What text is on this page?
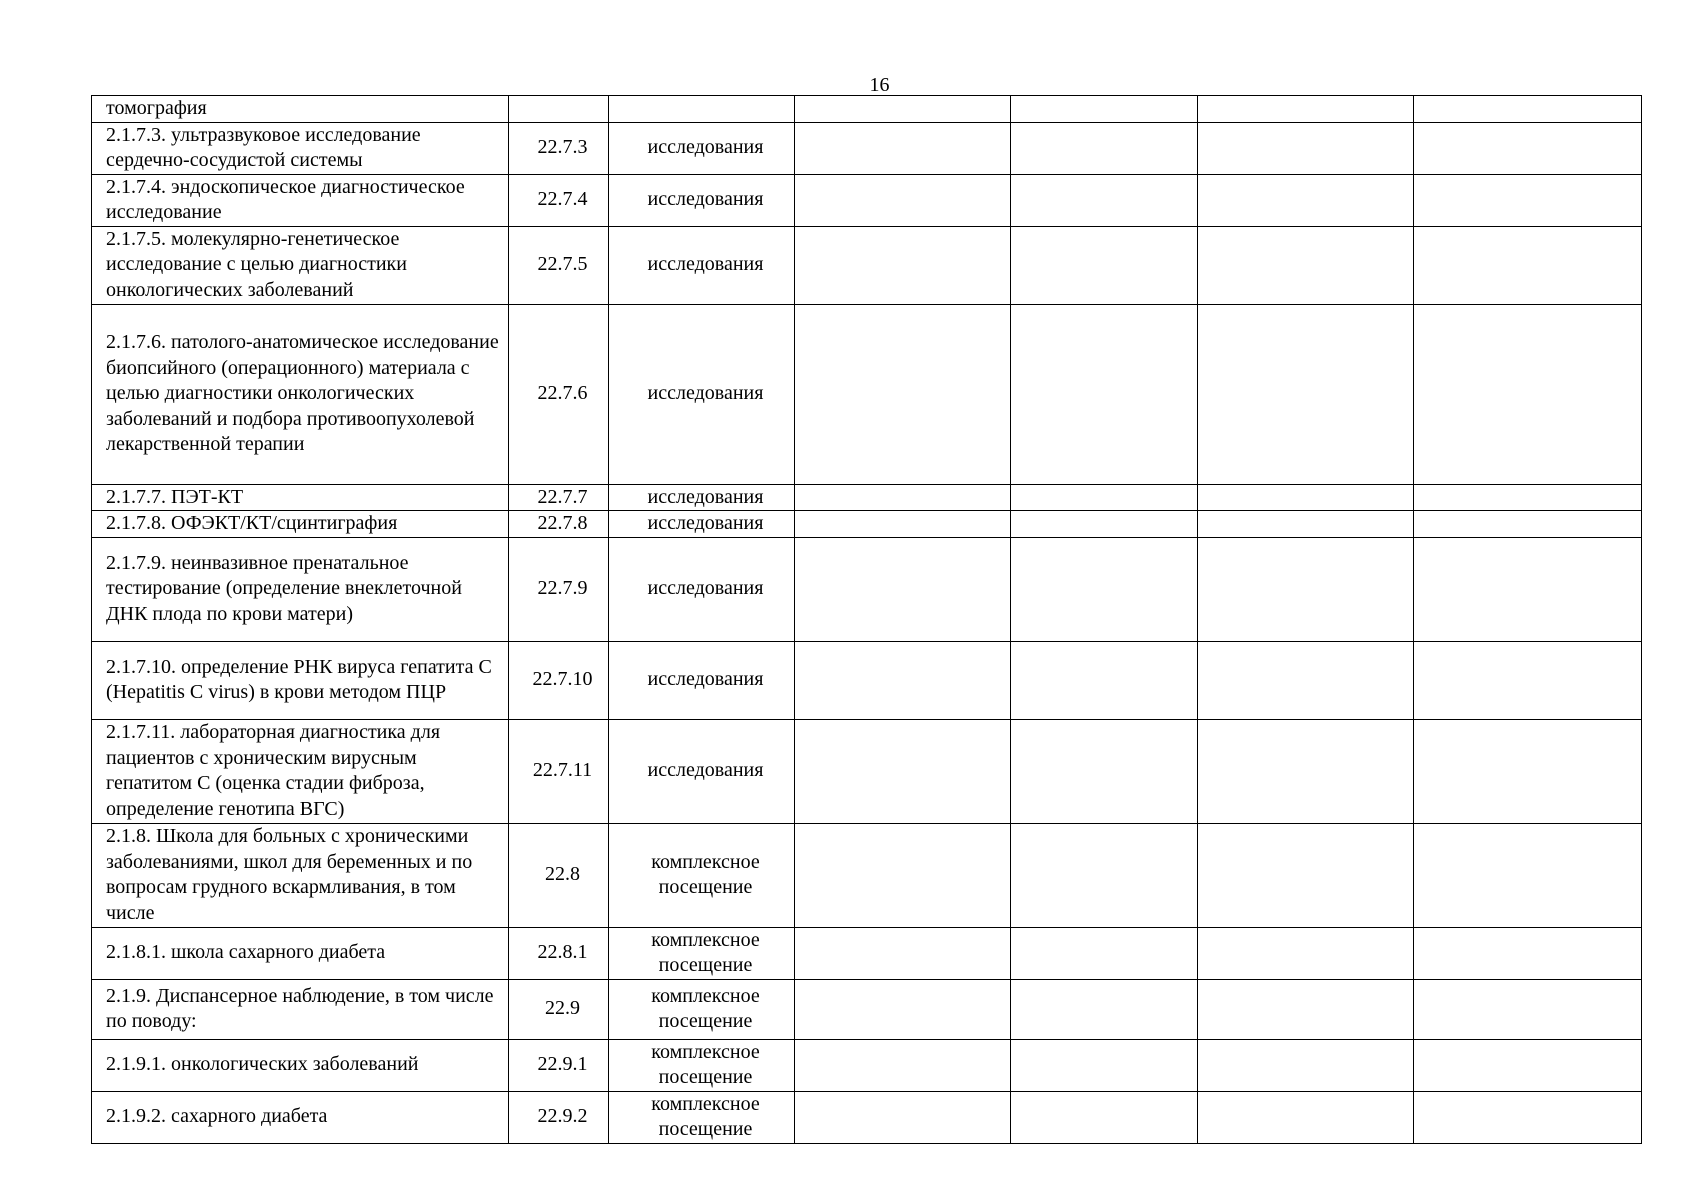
16
томография						
2.1.7.3. ультразвуковое исследование сердечно-сосудистой системы	22.7.3	исследования				
2.1.7.4. эндоскопическое диагностическое исследование	22.7.4	исследования				
2.1.7.5. молекулярно-генетическое исследование с целью диагностики онкологических заболеваний	22.7.5	исследования				
2.1.7.6. патолого-анатомическое исследование биопсийного (операционного) материала с целью диагностики онкологических заболеваний и подбора противоопухолевой лекарственной терапии	22.7.6	исследования				
2.1.7.7. ПЭТ-КТ	22.7.7	исследования				
2.1.7.8. ОФЭКТ/КТ/сцинтиграфия	22.7.8	исследования				
2.1.7.9. неинвазивное пренатальное тестирование (определение внеклеточной ДНК плода по крови матери)	22.7.9	исследования				
2.1.7.10. определение РНК вируса гепатита C (Hepatitis C virus) в крови методом ПЦР	22.7.10	исследования				
2.1.7.11. лабораторная диагностика для пациентов с хроническим вирусным гепатитом C (оценка стадии фиброза, определение генотипа ВГС)	22.7.11	исследования				
2.1.8. Школа для больных с хроническими заболеваниями, школ для беременных и по вопросам грудного вскармливания, в том числе	22.8	комплексное посещение				
2.1.8.1. школа сахарного диабета	22.8.1	комплексное посещение				
2.1.9. Диспансерное наблюдение, в том числе по поводу:	22.9	комплексное посещение				
2.1.9.1. онкологических заболеваний	22.9.1	комплексное посещение				
2.1.9.2. сахарного диабета	22.9.2	комплексное посещение				
